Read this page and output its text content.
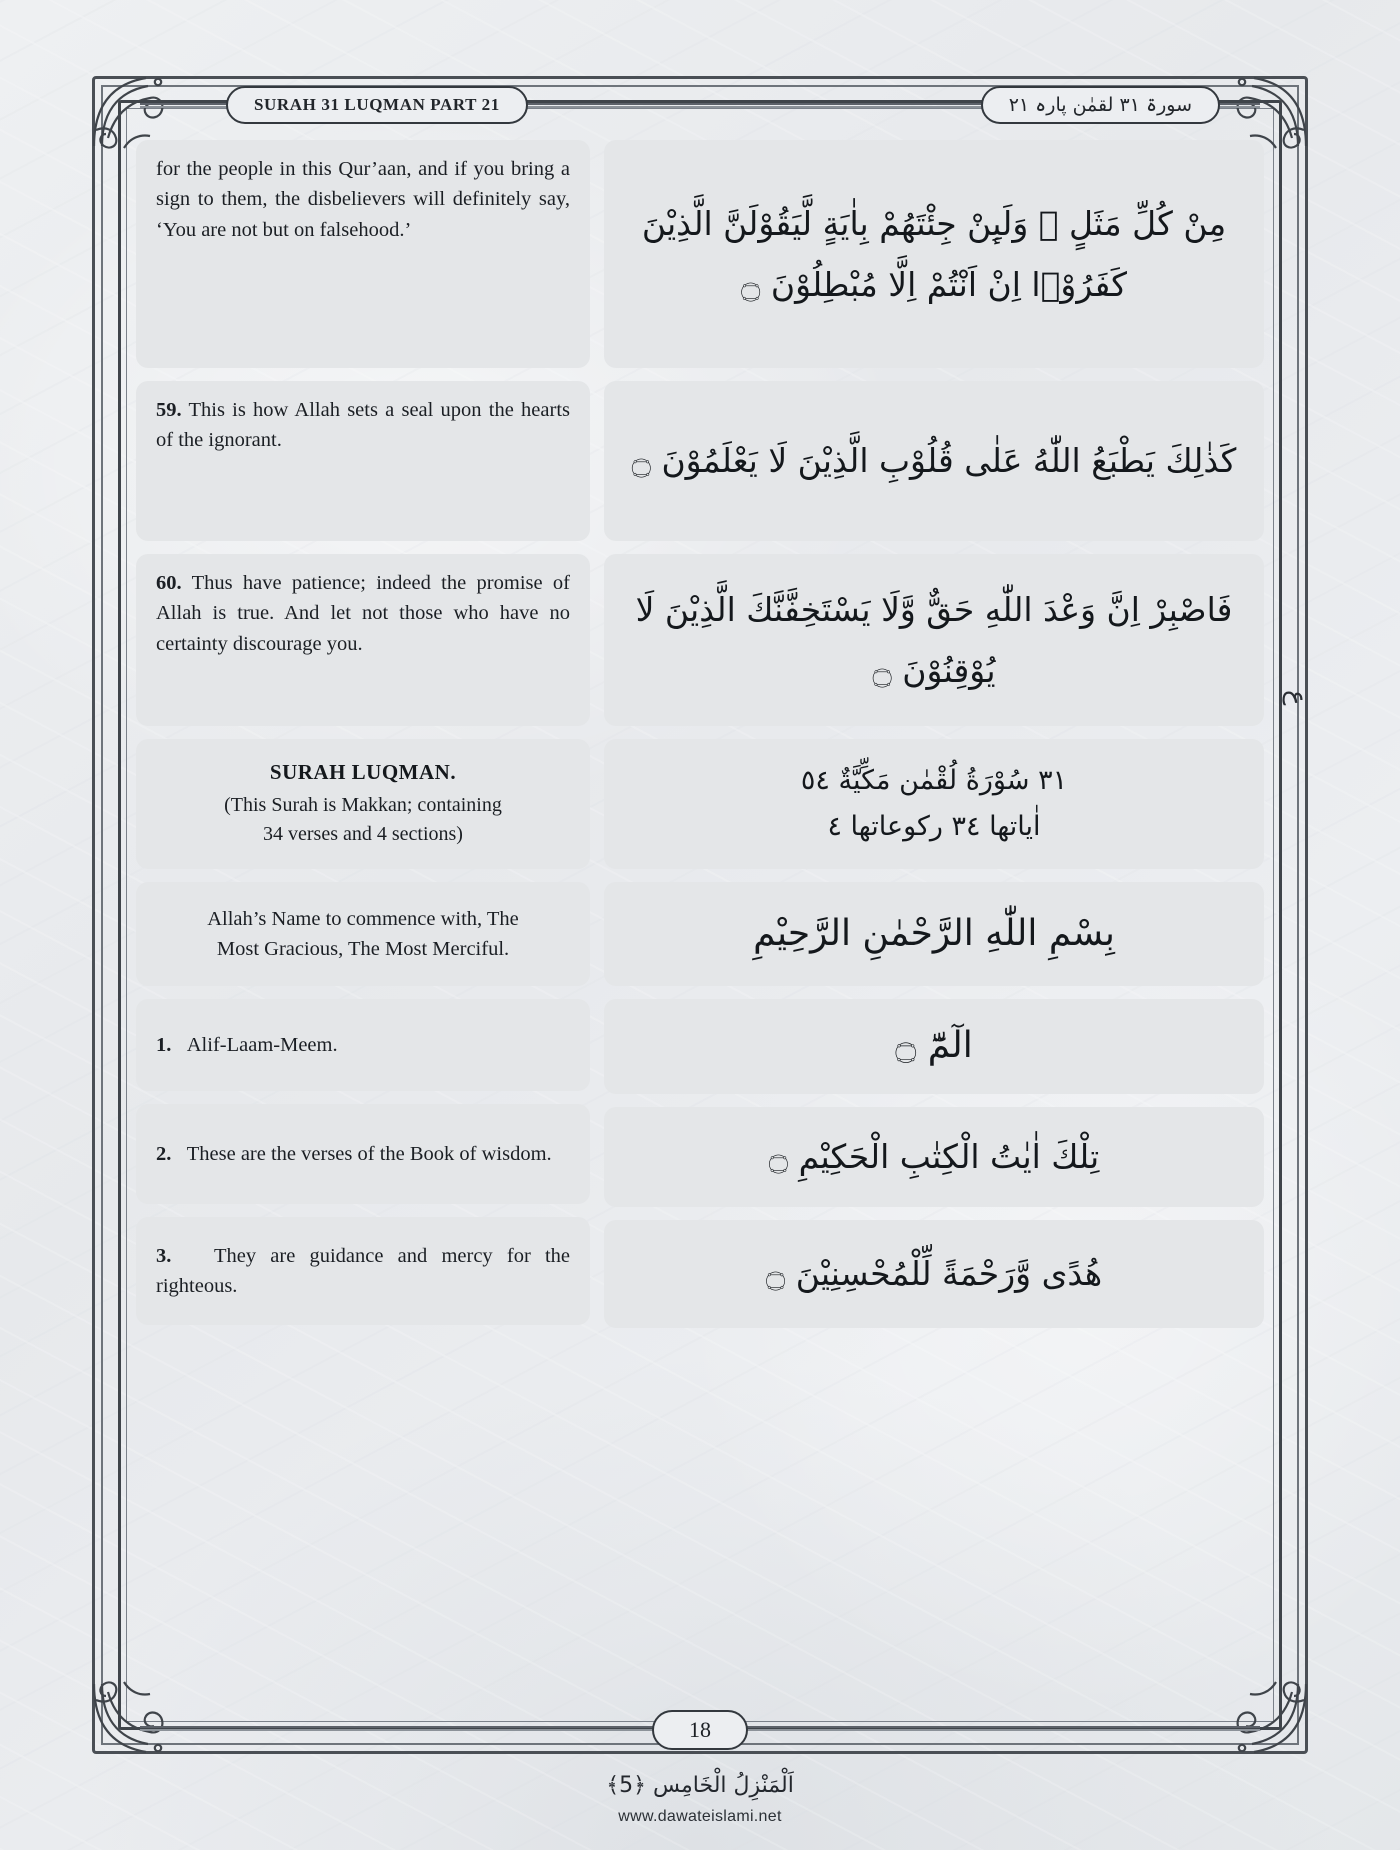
SURAH 31 LUQMAN PART 21	سورۃ ٣١ لقمٰن پارہ ٢١
ع
for the people in this Qur’aan, and if you bring a sign to them, the disbelievers will definitely say, ‘You are not but on falsehood.’
59. This is how Allah sets a seal upon the hearts of the ignorant.
60. Thus have patience; indeed the promise of Allah is true. And let not those who have no certainty discourage you.
SURAH LUQMAN.
(This Surah is Makkan; containing
34 verses and 4 sections)
Allah’s Name to commence with, The
Most Gracious, The Most Merciful.
1. Alif-Laam-Meem.
2. These are the verses of the Book of wisdom.
3. They are guidance and mercy for the righteous.
مِنْ كُلِّ مَثَلٍ ۭ وَلَىِٕنْ جِئْتَهُمْ بِاٰيَةٍ لَّيَقُوْلَنَّ الَّذِيْنَ كَفَرُوْۤا اِنْ اَنْتُمْ اِلَّا مُبْطِلُوْنَ ۝
كَذٰلِكَ يَطْبَعُ اللّٰهُ عَلٰى قُلُوْبِ الَّذِيْنَ لَا يَعْلَمُوْنَ ۝
فَاصْبِرْ اِنَّ وَعْدَ اللّٰهِ حَقٌّ وَّلَا يَسْتَخِفَّنَّكَ الَّذِيْنَ لَا يُوْقِنُوْنَ ۝
٣١ سُوْرَةُ لُقْمٰن مَكِّيَّةٌ ٥٤
اٰیاتها ٣٤ رکوعاتها ٤
بِسْمِ اللّٰهِ الرَّحْمٰنِ الرَّحِيْمِ
الٓمّٓ ۝
تِلْكَ اٰيٰتُ الْكِتٰبِ الْحَكِيْمِ ۝
هُدًى وَّرَحْمَةً لِّلْمُحْسِنِيْنَ ۝
18
اَلْمَنْزِلُ الْخَامِس ﴿5﴾
www.dawateislami.net
